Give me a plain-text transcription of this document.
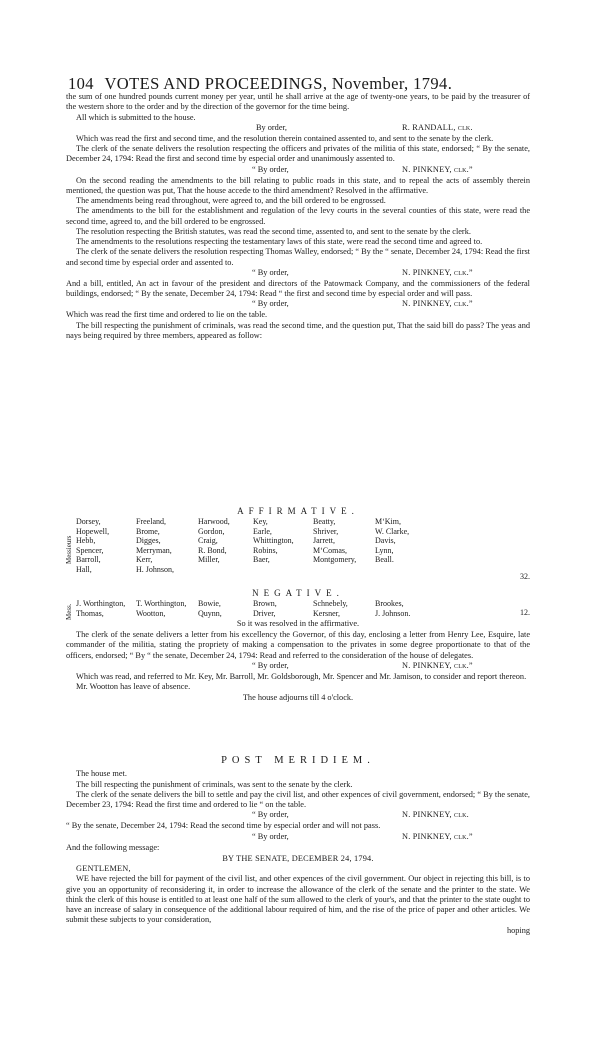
104 VOTES AND PROCEEDINGS, November, 1794.

the sum of one hundred pounds current money per year, until he shall arrive at the age of twenty-one years, to be paid by the treasurer of the western shore to the order and by the direction of the governor for the time being.

All which is submitted to the house.

By order,	R. RANDALL, clk.

Which was read the first and second time, and the resolution therein contained assented to, and sent to the senate by the clerk.

The clerk of the senate delivers the resolution respecting the officers and privates of the militia of this state, endorsed; “ By the senate, December 24, 1794: Read the first and second time by especial order and unanimously assented to.

“ By order,	N. PINKNEY, clk.”

On the second reading the amendments to the bill relating to public roads in this state, and to repeal the acts of assembly therein mentioned, the question was put, That the house accede to the third amendment? Resolved in the affirmative.

The amendments being read throughout, were agreed to, and the bill ordered to be engrossed.

The amendments to the bill for the establishment and regulation of the levy courts in the several counties of this state, were read the second time, agreed to, and the bill ordered to be engrossed.

The resolution respecting the British statutes, was read the second time, assented to, and sent to the senate by the clerk.

The amendments to the resolutions respecting the testamentary laws of this state, were read the second time and agreed to.

The clerk of the senate delivers the resolution respecting Thomas Walley, endorsed; “ By the “ senate, December 24, 1794: Read the first and second time by especial order and assented to.

“ By order,	N. PINKNEY, clk.”

And a bill, entitled, An act in favour of the president and directors of the Patowmack Company, and the commissioners of the federal buildings, endorsed; “ By the senate, December 24, 1794: Read “ the first and second time by especial order and will pass.

“ By order,	N. PINKNEY, clk.”

Which was read the first time and ordered to lie on the table.

The bill respecting the punishment of criminals, was read the second time, and the question put, That the said bill do pass? The yeas and nays being required by three members, appeared as follow:

AFFIRMATIVE.
Messieurs
Dorsey,	Freeland,	Harwood,	Key,	Beatty,	M‘Kim,
Hopewell,	Brome,	Gordon,	Earle,	Shriver,	W. Clarke,
Hebb,	Digges,	Craig,	Whittington,	Jarrett,	Davis,
Spencer,	Merryman,	R. Bond,	Robins,	M‘Comas,	Lynn,
Barroll,	Kerr,	Miller,	Baer,	Montgomery,	Beall.
Hall,	H. Johnson,				
32.
NEGATIVE.
Mess. J. Worthington,	T. Worthington,	Bowie,	Brown,	Schnebely,	Brookes,
Thomas,	Wootton,	Quynn,	Driver,	Kersner,	J. Johnson.	12.
So it was resolved in the affirmative.

The clerk of the senate delivers a letter from his excellency the Governor, of this day, enclosing a letter from Henry Lee, Esquire, late commander of the militia, stating the propriety of making a compensation to the privates in some degree proportionate to that of the officers, endorsed; “ By “ the senate, December 24, 1794: Read and referred to the consideration of the house of delegates.

“ By order,	N. PINKNEY, clk.”

Which was read, and referred to Mr. Key, Mr. Barroll, Mr. Goldsborough, Mr. Spencer and Mr. Jamison, to consider and report thereon.

Mr. Wootton has leave of absence.

The house adjourns till 4 o'clock.
POST MERIDIEM.

The house met.

The bill respecting the punishment of criminals, was sent to the senate by the clerk.

The clerk of the senate delivers the bill to settle and pay the civil list, and other expences of civil government, endorsed; “ By the senate, December 23, 1794: Read the first time and ordered to lie “ on the table.

“ By order,	N. PINKNEY, clk.

“ By the senate, December 24, 1794: Read the second time by especial order and will not pass.

“ By order,	N. PINKNEY, clk.”

And the following message:

BY THE SENATE, DECEMBER 24, 1794.

GENTLEMEN,

WE have rejected the bill for payment of the civil list, and other expences of the civil government. Our object in rejecting this bill, is to give you an opportunity of reconsidering it, in order to increase the allowance of the clerk of the senate and the printer to the state. We think the clerk of this house is entitled to at least one half of the sum allowed to the clerk of your's, and that the printer to the state ought to have an increase of salary in consequence of the additional labour required of him, and the rise of the price of paper and other articles. We submit these subjects to your consideration,

hoping
